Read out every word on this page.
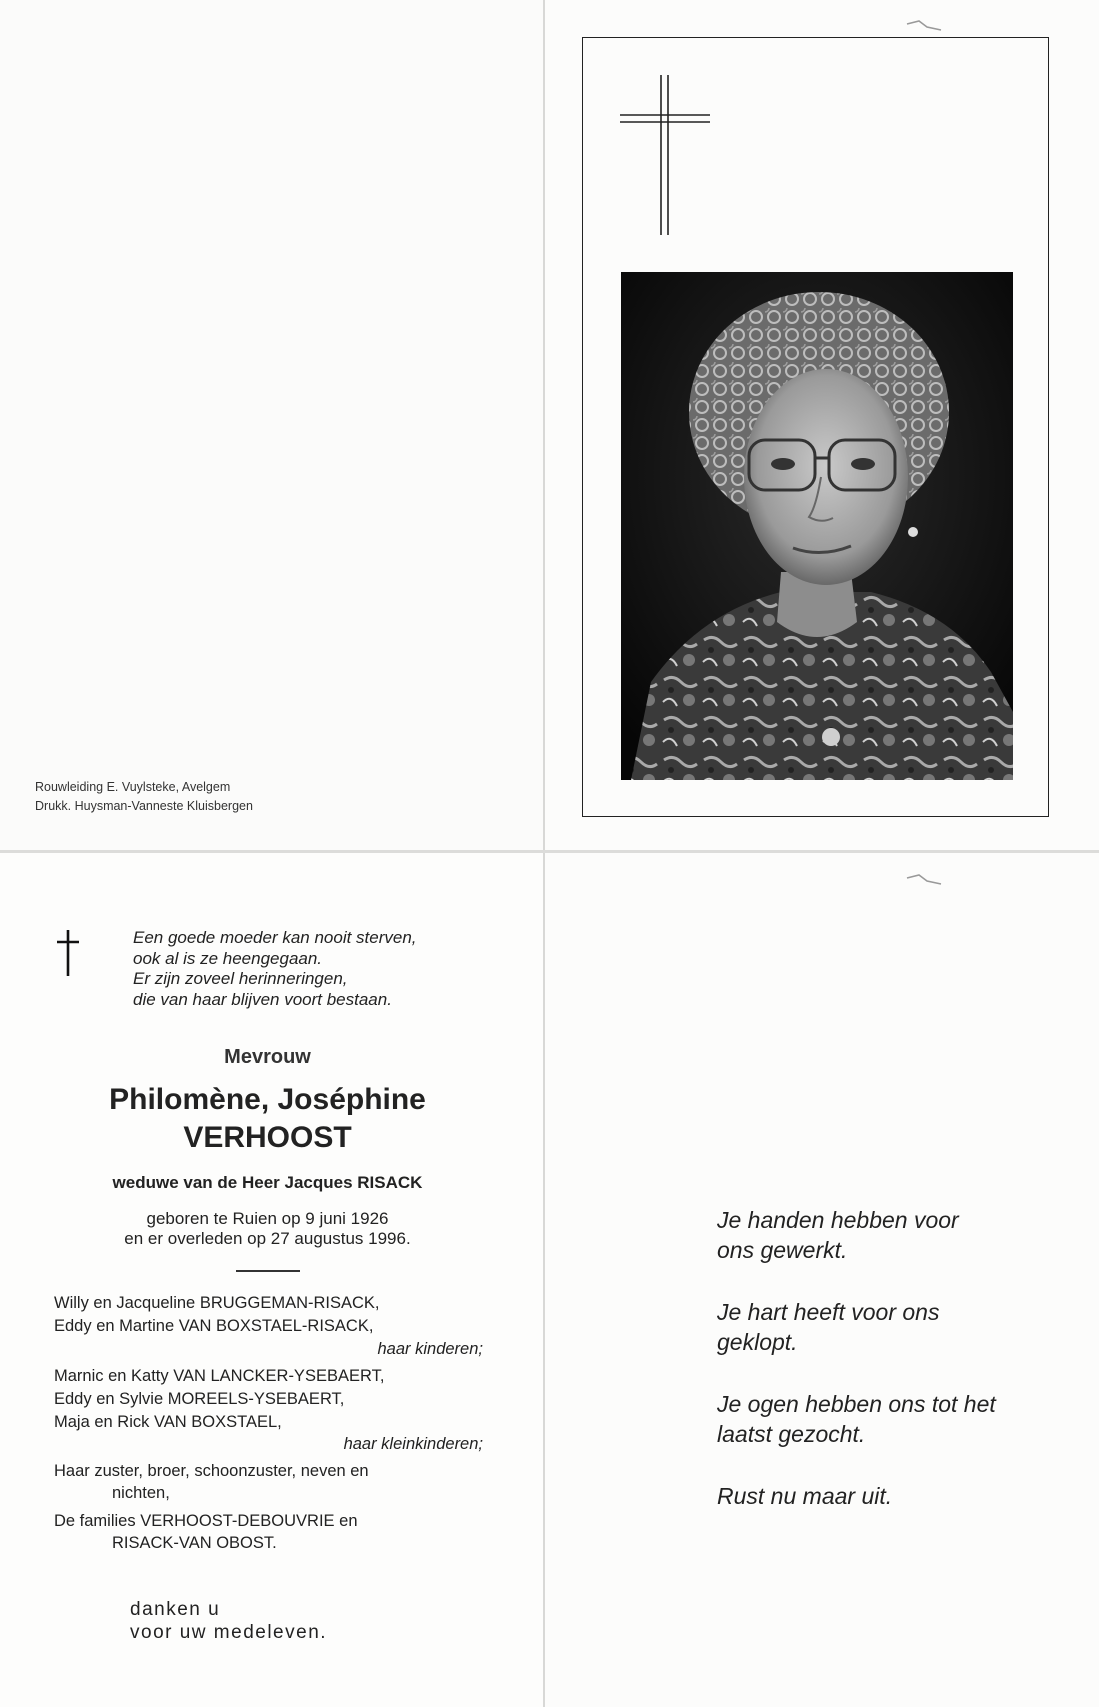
Rouwleiding E. Vuylsteke, Avelgem
Drukk. Huysman-Vanneste Kluisbergen
Een goede moeder kan nooit sterven,
ook al is ze heengegaan.
Er zijn zoveel herinneringen,
die van haar blijven voort bestaan.
Mevrouw
Philomène, Joséphine
VERHOOST
weduwe van de Heer Jacques RISACK
geboren te Ruien op 9 juni 1926
en er overleden op 27 augustus 1996.
Willy en Jacqueline BRUGGEMAN-RISACK,
Eddy en Martine VAN BOXSTAEL-RISACK,
haar kinderen;
Marnic en Katty VAN LANCKER-YSEBAERT,
Eddy en Sylvie MOREELS-YSEBAERT,
Maja en Rick VAN BOXSTAEL,
haar kleinkinderen;
Haar zuster, broer, schoonzuster, neven en
nichten,
De families VERHOOST-DEBOUVRIE en
RISACK-VAN OBOST.
danken u
voor uw medeleven.
Je handen hebben voor
ons gewerkt.
Je hart heeft voor ons
geklopt.
Je ogen hebben ons tot het
laatst gezocht.
Rust nu maar uit.
